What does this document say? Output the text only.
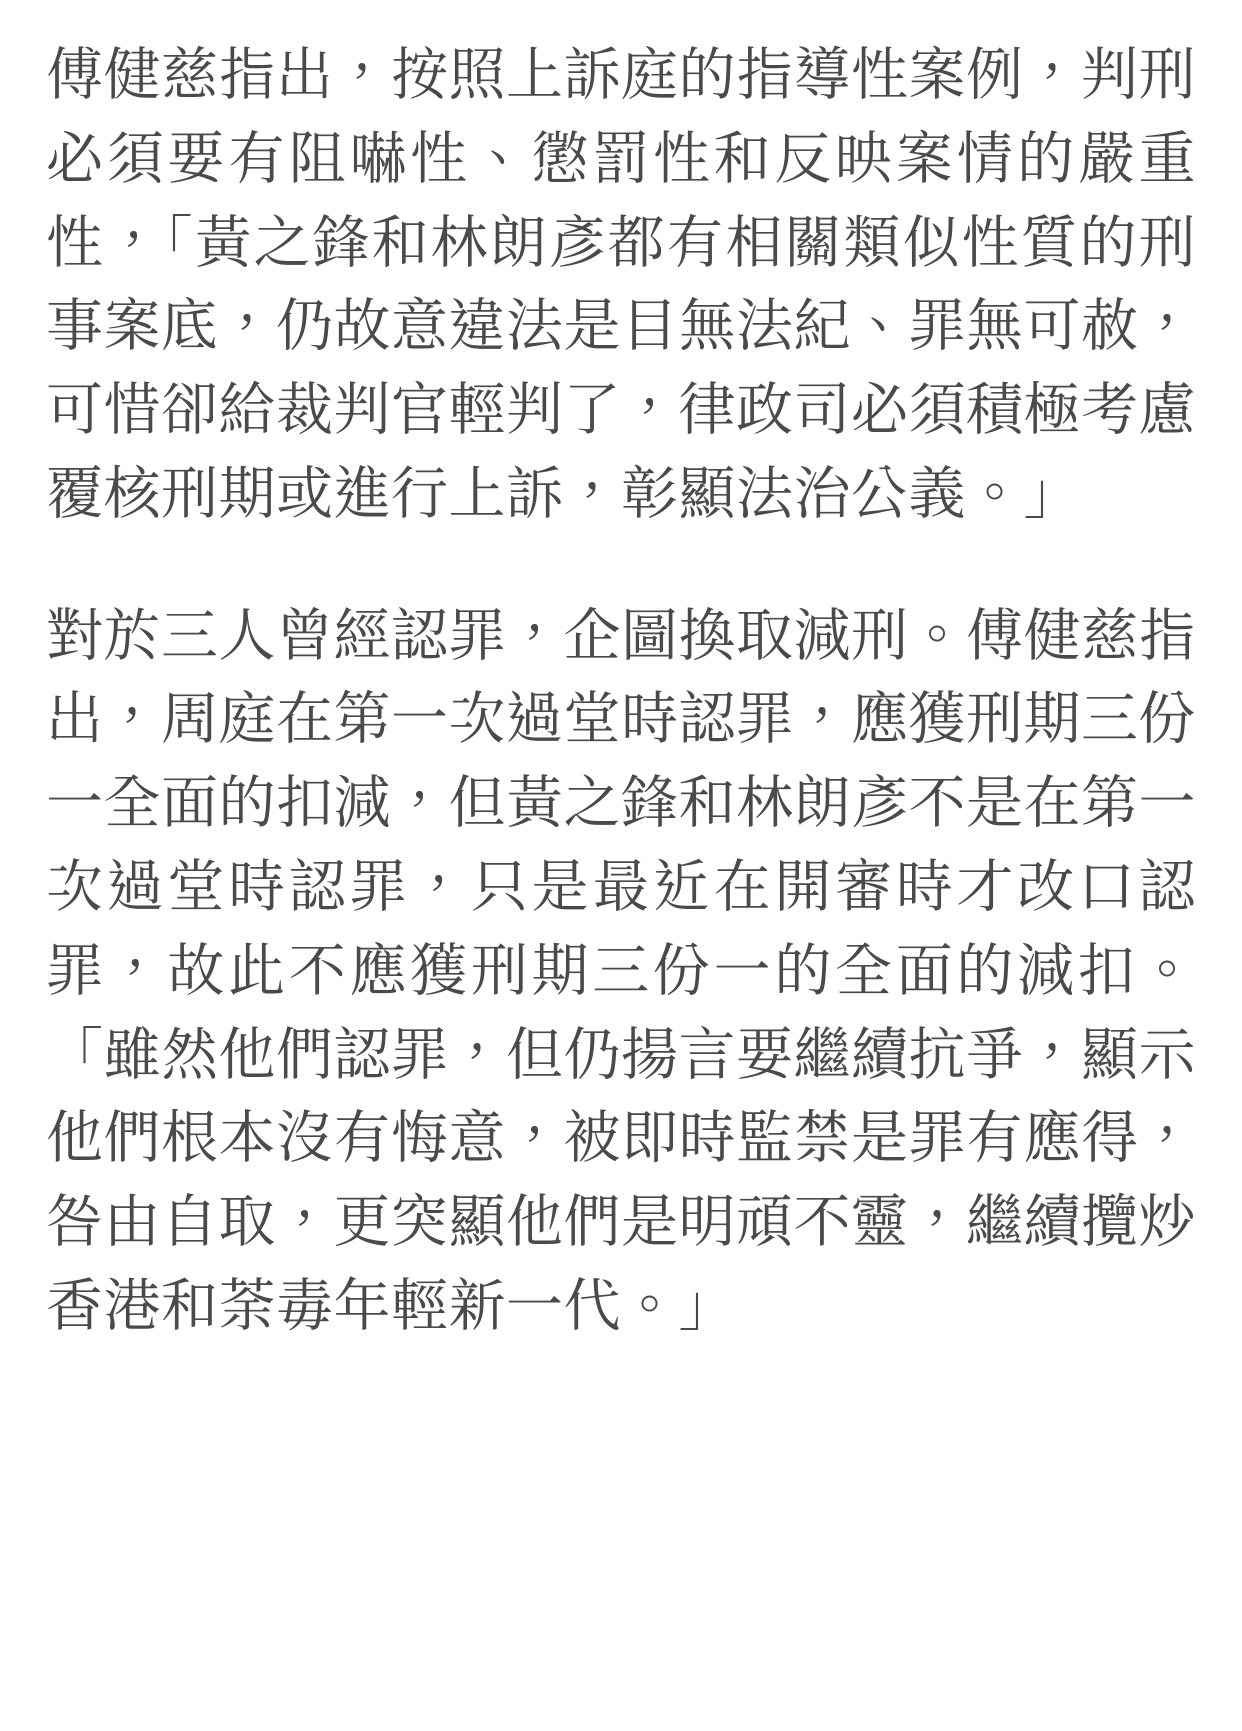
傅健慈指出，按照上訴庭的指導性案例，判刑必須要有阻嚇性、懲罰性和反映案情的嚴重性，「黃之鋒和林朗彥都有相關類似性質的刑事案底，仍故意違法是目無法紀、罪無可赦，可惜卻給裁判官輕判了，律政司必須積極考慮覆核刑期或進行上訴，彰顯法治公義。」

對於三人曾經認罪，企圖換取減刑。傅健慈指出，周庭在第一次過堂時認罪，應獲刑期三份一全面的扣減，但黃之鋒和林朗彥不是在第一次過堂時認罪，只是最近在開審時才改口認罪，故此不應獲刑期三份一的全面的減扣。「雖然他們認罪，但仍揚言要繼續抗爭，顯示他們根本沒有悔意，被即時監禁是罪有應得，咎由自取，更突顯他們是明頑不靈，繼續攬炒香港和荼毒年輕新一代。」
